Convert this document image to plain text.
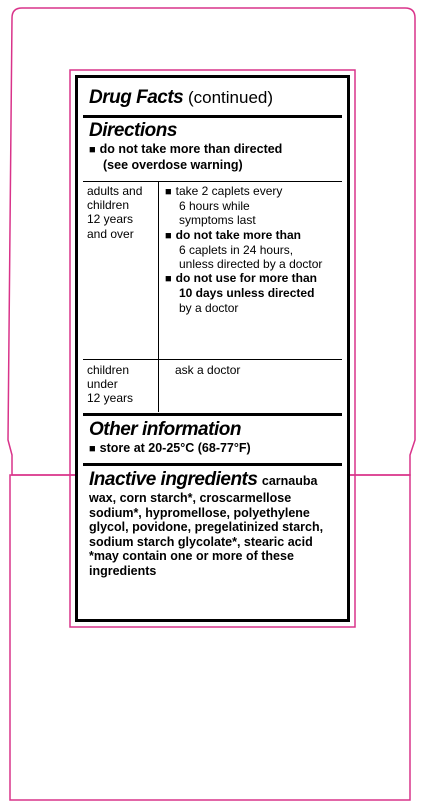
Drug Facts (continued)
Directions
■ do not take more than directed

(see overdose warning)
adults and
children
12 years
and over
■ take 2 caplets every
6 hours while
symptoms last
■ do not take more than
6 caplets in 24 hours,
unless directed by a doctor
■ do not use for more than
10 days unless directed
by a doctor
children
under
12 years
ask a doctor
Other information
■ store at 20-25°C (68-77°F)
Inactive ingredients carnauba
wax, corn starch*, croscarmellose
sodium*, hypromellose, polyethylene
glycol, povidone, pregelatinized starch,
sodium starch glycolate*, stearic acid
*may contain one or more of these
ingredients
